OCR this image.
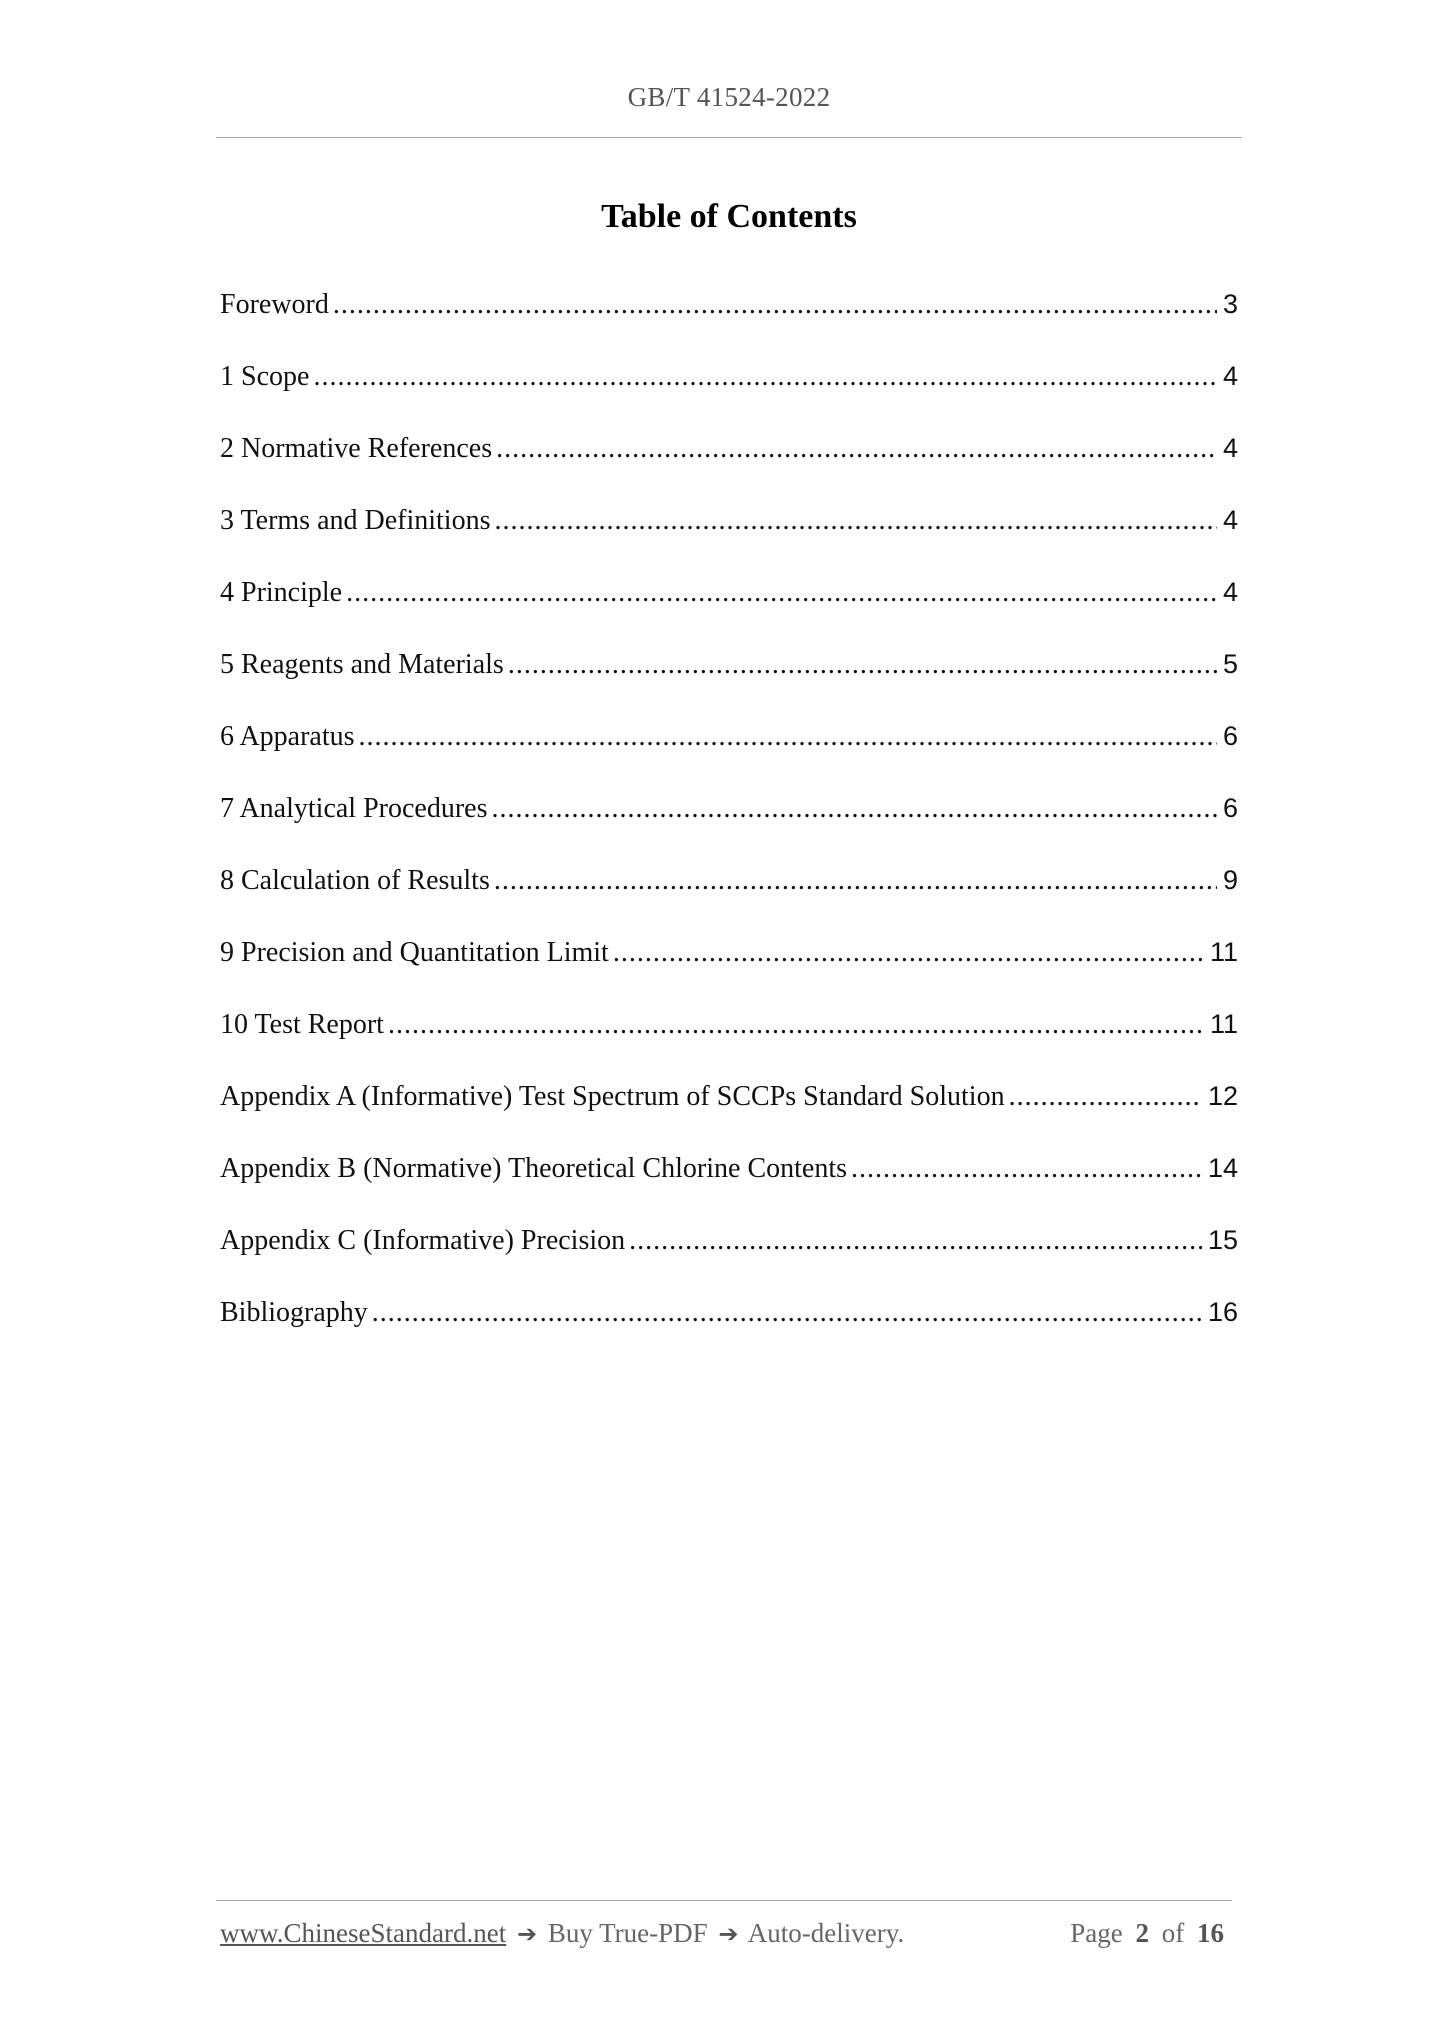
GB/T 41524-2022
Table of Contents
Foreword .....	3
1 Scope .....	4
2 Normative References .....	4
3 Terms and Definitions .....	4
4 Principle .....	4
5 Reagents and Materials .....	5
6 Apparatus .....	6
7 Analytical Procedures .....	6
8 Calculation of Results .....	9
9 Precision and Quantitation Limit .....	11
10 Test Report .....	11
Appendix A (Informative) Test Spectrum of SCCPs Standard Solution .....	12
Appendix B (Normative) Theoretical Chlorine Contents .....	14
Appendix C (Informative) Precision .....	15
Bibliography .....	16
www.ChineseStandard.net ➔ Buy True-PDF ➔ Auto-delivery.	Page 2 of 16
